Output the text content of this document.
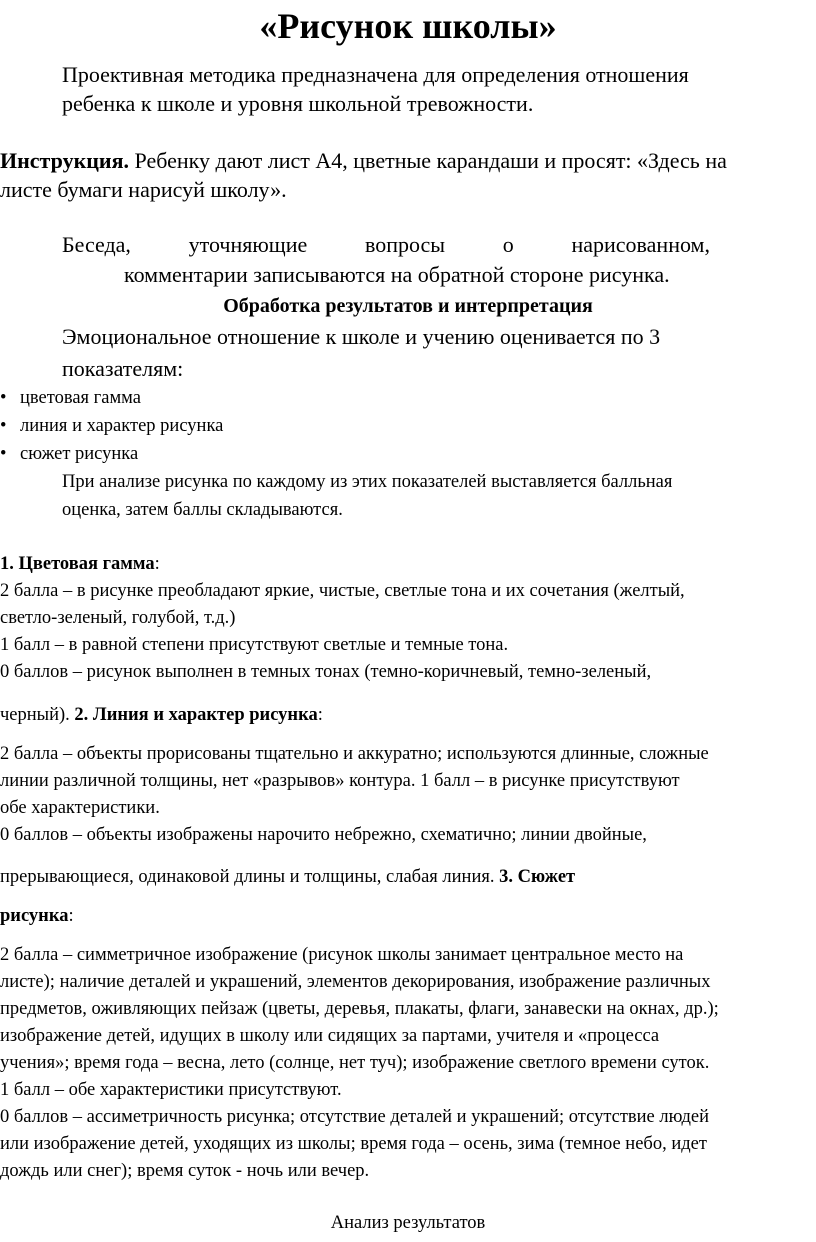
«Рисунок школы»

Проективная методика предназначена для определения отношения

ребенка к школе и уровня школьной тревожности.

Инструкция. Ребенку дают лист А4, цветные карандаши и просят: «Здесь на

листе бумаги нарисуй школу».

Беседа,	уточняющие	вопросы	о	нарисованном,

комментарии записываются на обратной стороне рисунка.

Обработка результатов и интерпретация

Эмоциональное отношение к школе и учению оценивается по 3

показателям:

• цветовая гамма
• линия и характер рисунка
• сюжет рисунка

При анализе рисунка по каждому из этих показателей выставляется балльная

оценка, затем баллы складываются.

1. Цветовая гамма:

2 балла – в рисунке преобладают яркие, чистые, светлые тона и их сочетания (желтый,

светло-зеленый, голубой, т.д.)

1 балл – в равной степени присутствуют светлые и темные тона.

0 баллов – рисунок выполнен в темных тонах (темно-коричневый, темно-зеленый,

черный). 2. Линия и характер рисунка:

2 балла – объекты прорисованы тщательно и аккуратно; используются длинные, сложные

линии различной толщины, нет «разрывов» контура. 1 балл – в рисунке присутствуют

обе характеристики.

0 баллов – объекты изображены нарочито небрежно, схематично; линии двойные,

прерывающиеся, одинаковой длины и толщины, слабая линия. 3. Сюжет

рисунка:

2 балла – симметричное изображение (рисунок школы занимает центральное место на

листе); наличие деталей и украшений, элементов декорирования, изображение различных

предметов, оживляющих пейзаж (цветы, деревья, плакаты, флаги, занавески на окнах, др.);

изображение детей, идущих в школу или сидящих за партами, учителя и «процесса

учения»; время года – весна, лето (солнце, нет туч); изображение светлого времени суток.

1 балл – обе характеристики присутствуют.

0 баллов – ассиметричность рисунка; отсутствие деталей и украшений; отсутствие людей

или изображение детей, уходящих из школы; время года – осень, зима (темное небо, идет

дождь или снег); время суток - ночь или вечер.

Анализ результатов
